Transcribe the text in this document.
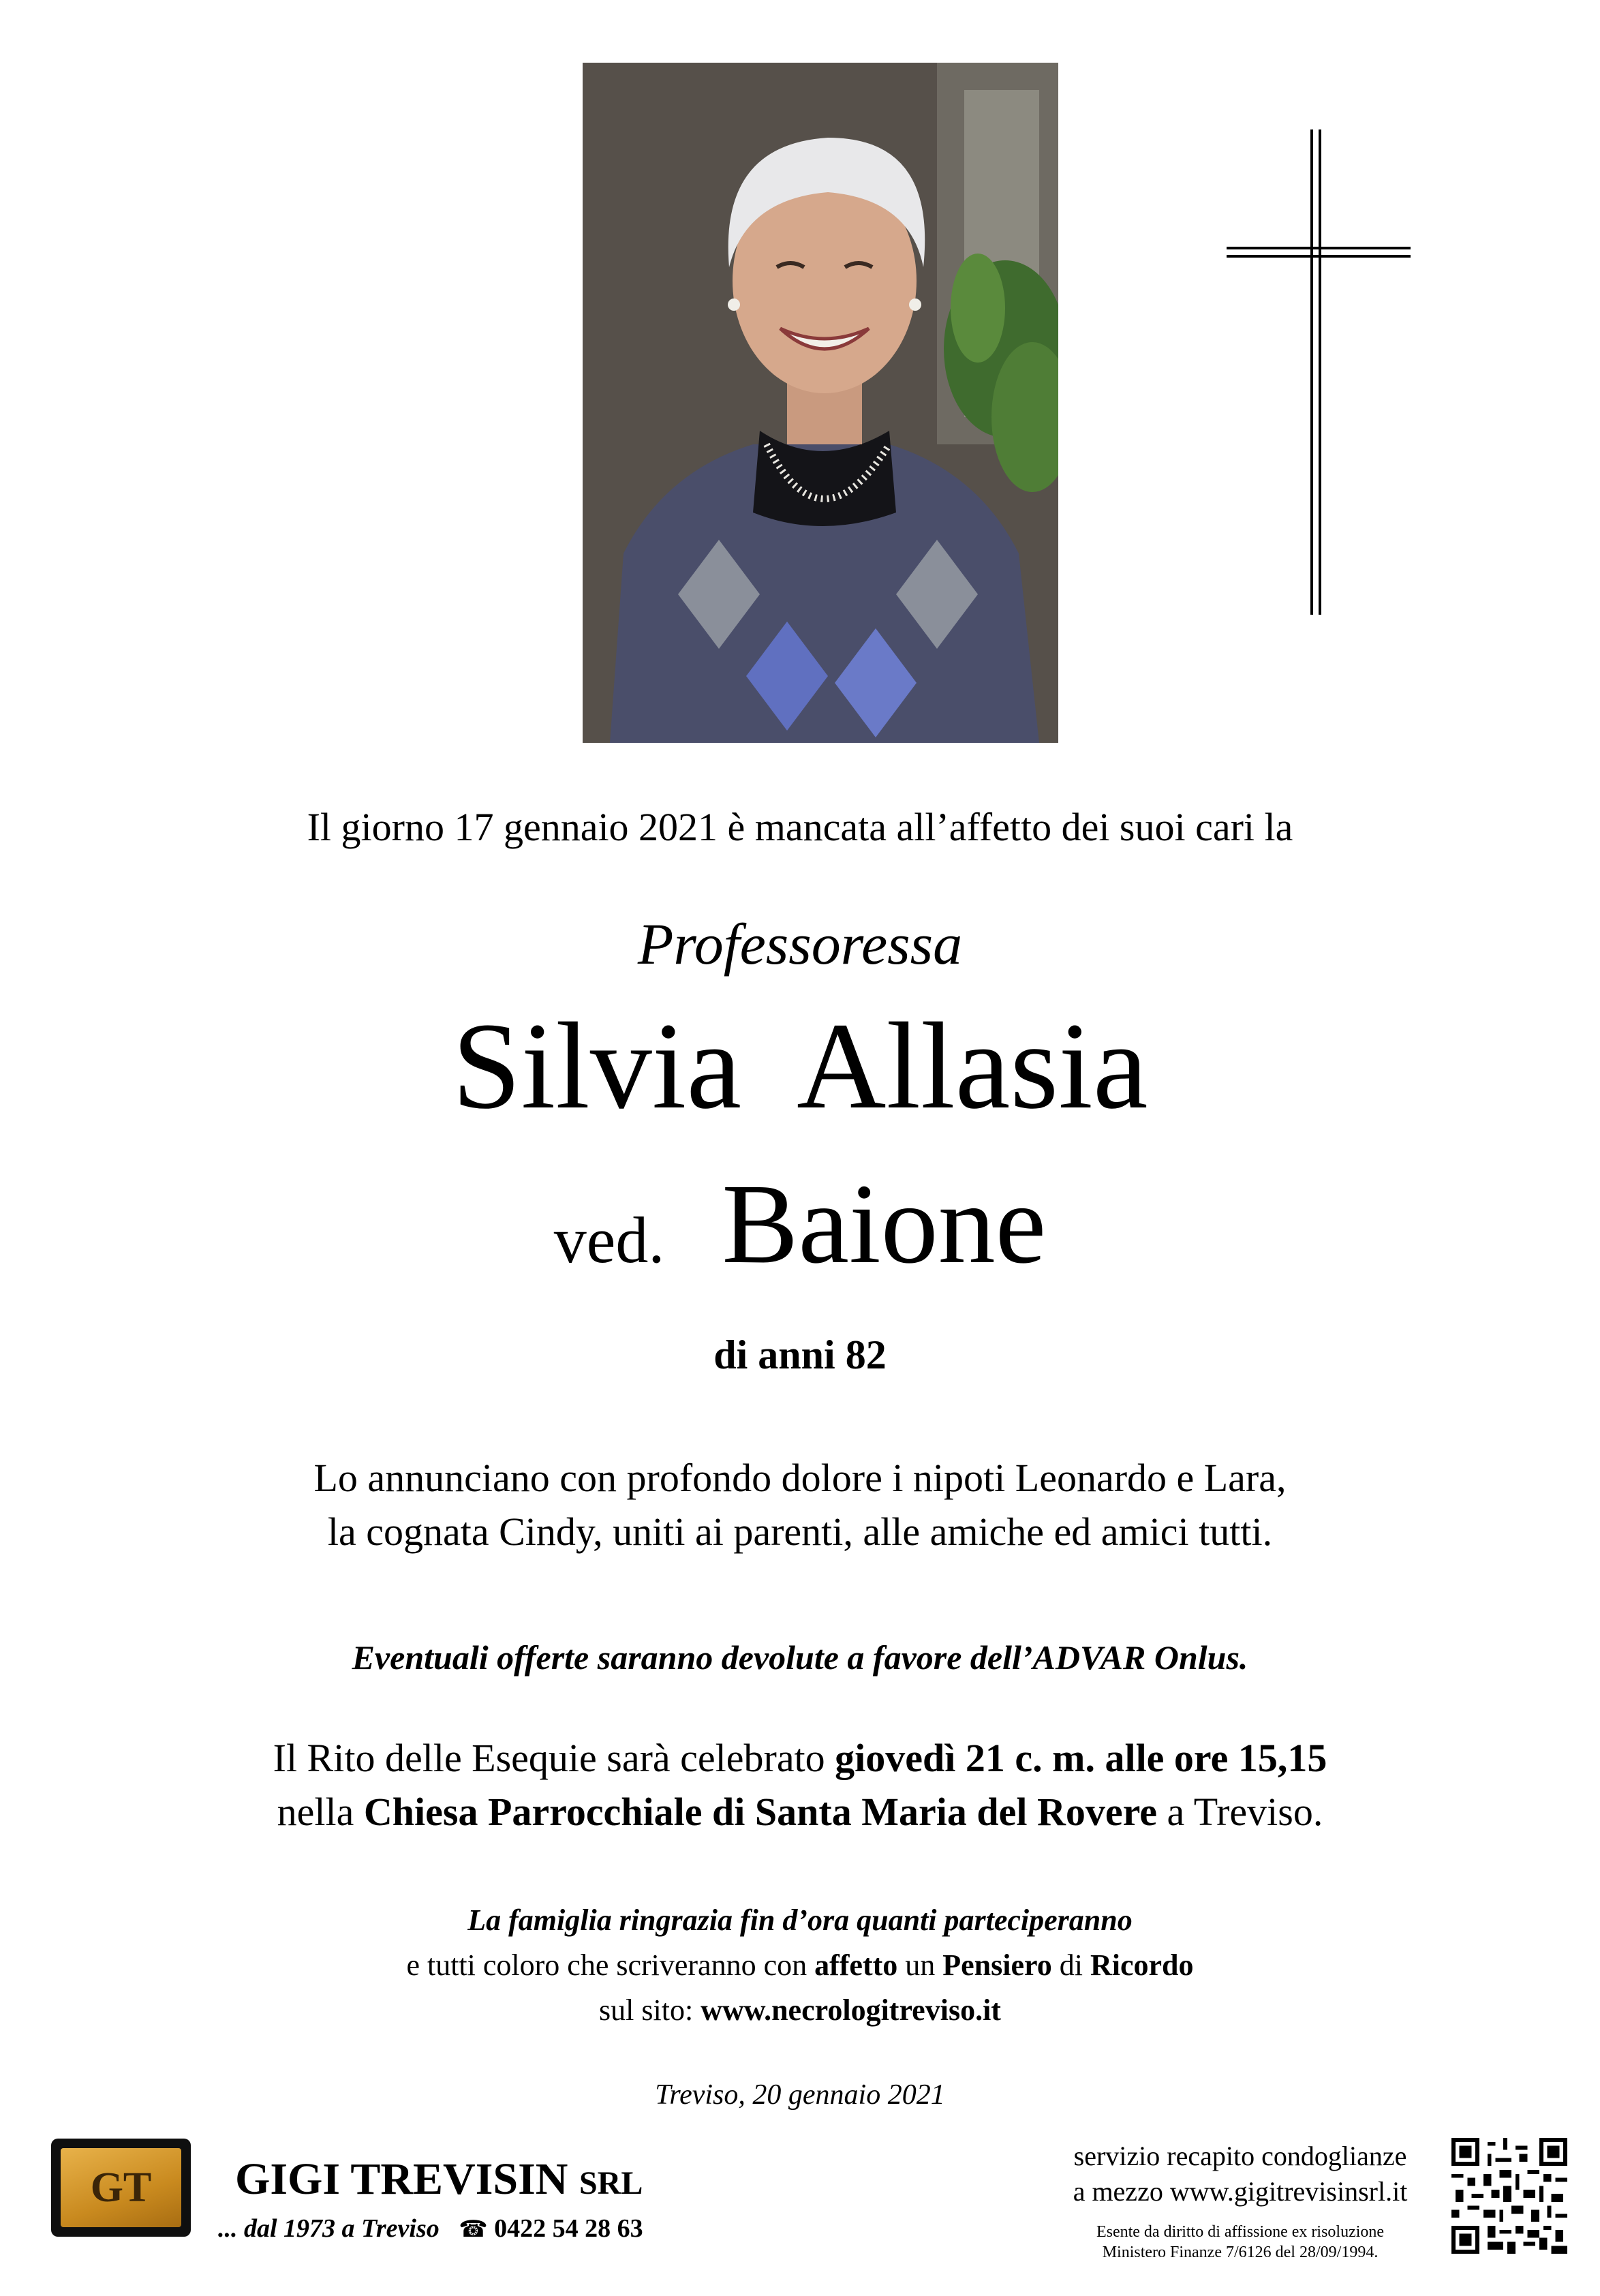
Il giorno 17 gennaio 2021 è mancata all’affetto dei suoi cari la
Professoressa
Silvia  Allasia
ved. Baione
di anni 82
Lo annunciano con profondo dolore i nipoti Leonardo e Lara,
la cognata Cindy, uniti ai parenti, alle amiche ed amici tutti.
Eventuali offerte saranno devolute a favore dell’ADVAR Onlus.
Il Rito delle Esequie sarà celebrato giovedì 21 c. m. alle ore 15,15
nella Chiesa Parrocchiale di Santa Maria del Rovere a Treviso.
La famiglia ringrazia fin d’ora quanti parteciperanno
e tutti coloro che scriveranno con affetto un Pensiero di Ricordo
sul sito: www.necrologitreviso.it
Treviso, 20 gennaio 2021
GT	GIGI TREVISIN SRL
... dal 1973 a Treviso ☎ 0422 54 28 63
servizio recapito condoglianze
a mezzo www.gigitrevisinsrl.it
Esente da diritto di affissione ex risoluzione
Ministero Finanze 7/6126 del 28/09/1994.
